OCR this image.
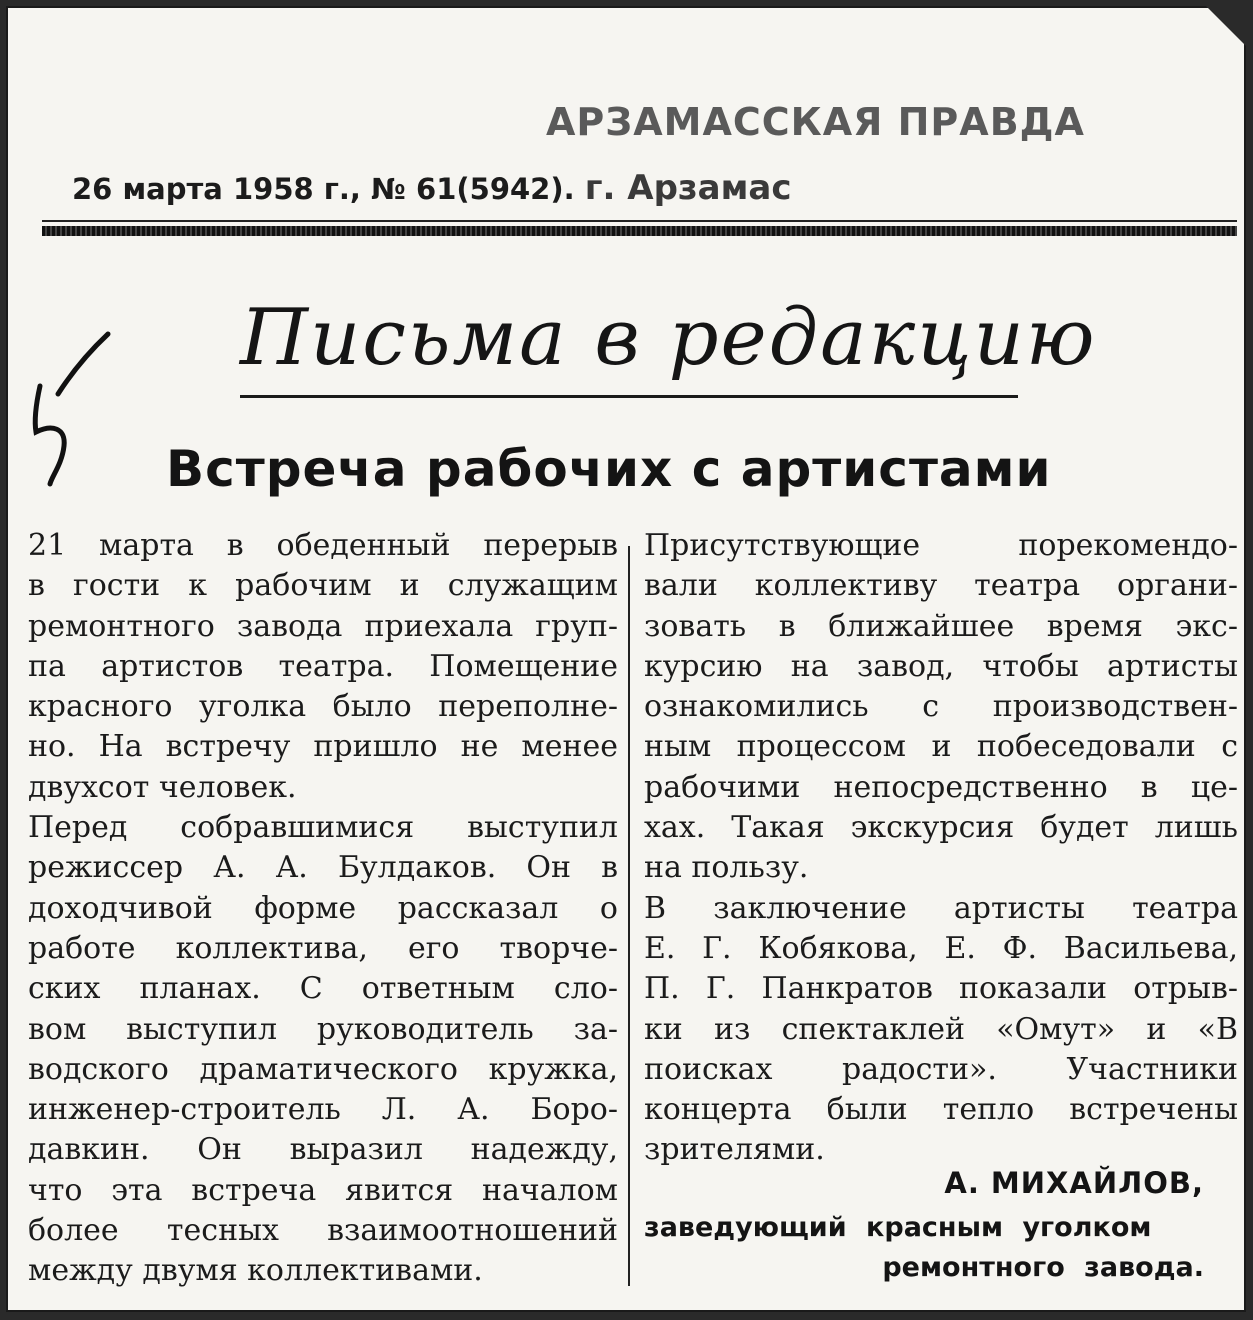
АРЗАМАССКАЯ ПРАВДА
26 марта 1958 г., № 61(5942). г. Арзамас
Письма в редакцию
Встреча рабочих с артистами
21 марта в обеденный перерыв
в гости к рабочим и служащим
ремонтного завода приехала груп-
па артистов театра. Помещение
красного уголка было переполне-
но. На встречу пришло не менее
двухсот человек.
Перед собравшимися выступил
режиссер А. А. Булдаков. Он в
доходчивой форме рассказал о
работе коллектива, его творче-
ских планах. С ответным сло-
вом выступил руководитель за-
водского драматического кружка,
инженер-строитель Л. А. Боро-
давкин. Он выразил надежду,
что эта встреча явится началом
более тесных взаимоотношений
между двумя коллективами.
Присутствующие порекомендо-
вали коллективу театра органи-
зовать в ближайшее время экс-
курсию на завод, чтобы артисты
ознакомились с производствен-
ным процессом и побеседовали с
рабочими непосредственно в це-
хах. Такая экскурсия будет лишь
на пользу.
В заключение артисты театра
Е. Г. Кобякова, Е. Ф. Васильева,
П. Г. Панкратов показали отрыв-
ки из спектаклей «Омут» и «В
поисках радости». Участники
концерта были тепло встречены
зрителями.
А. МИХАЙЛОВ,
заведующий красным уголком
ремонтного завода.
